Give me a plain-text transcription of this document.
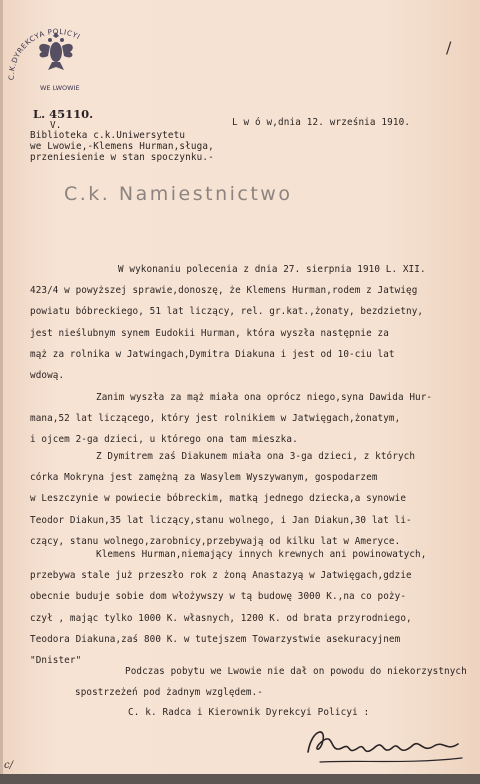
C.K.DYREKCYA POLICYI
WE LWOWIE
/
L. 45110.
V.
Biblioteka c.k.Uniwersytetu
we Lwowie,-Klemens Hurman,sługa,
przeniesienie w stan spoczynku.-
L w ó w,dnia 12. września 1910.
C.k. Namiestnictwo
W wykonaniu polecenia z dnia 27. sierpnia 1910 L. XII.
423/4 w powyższej sprawie,donoszę, że Klemens Hurman,rodem z Jatwięg
powiatu bóbreckiego, 51 lat liczący, rel. gr.kat.,żonaty, bezdzietny,
jest nieślubnym synem Eudokii Hurman, która wyszła następnie za
mąż za rolnika w Jatwingach,Dymitra Diakuna i jest od 10-ciu lat
wdową.
Zanim wyszła za mąż miała ona oprócz niego,syna Dawida Hur-
mana,52 lat liczącego, który jest rolnikiem w Jatwięgach,żonatym,
i ojcem 2-ga dzieci, u którego ona tam mieszka.
Z Dymitrem zaś Diakunem miała ona 3-ga dzieci, z których
córka Mokryna jest zamężną za Wasylem Wyszywanym, gospodarzem
w Leszczynie w powiecie bóbreckim, matką jednego dziecka,a synowie
Teodor Diakun,35 lat liczący,stanu wolnego, i Jan Diakun,30 lat li-
czący, stanu wolnego,zarobnicy,przebywają od kilku lat w Ameryce.
Klemens Hurman,niemający innych krewnych ani powinowatych,
przebywa stale już przeszło rok z żoną Anastazyą w Jatwięgach,gdzie
obecnie buduje sobie dom włożywszy w tą budowę 3000 K.,na co poży-
czył , mając tylko 1000 K. własnych, 1200 K. od brata przyrodniego,
Teodora Diakuna,zaś 800 K. w tutejszem Towarzystwie asekuracyjnem
"Dnister"
Podczas pobytu we Lwowie nie dał on powodu do niekorzystnych
spostrzeżeń pod żadnym względem.-
C. k. Radca i Kierownik Dyrekcyi Policyi :
c/
